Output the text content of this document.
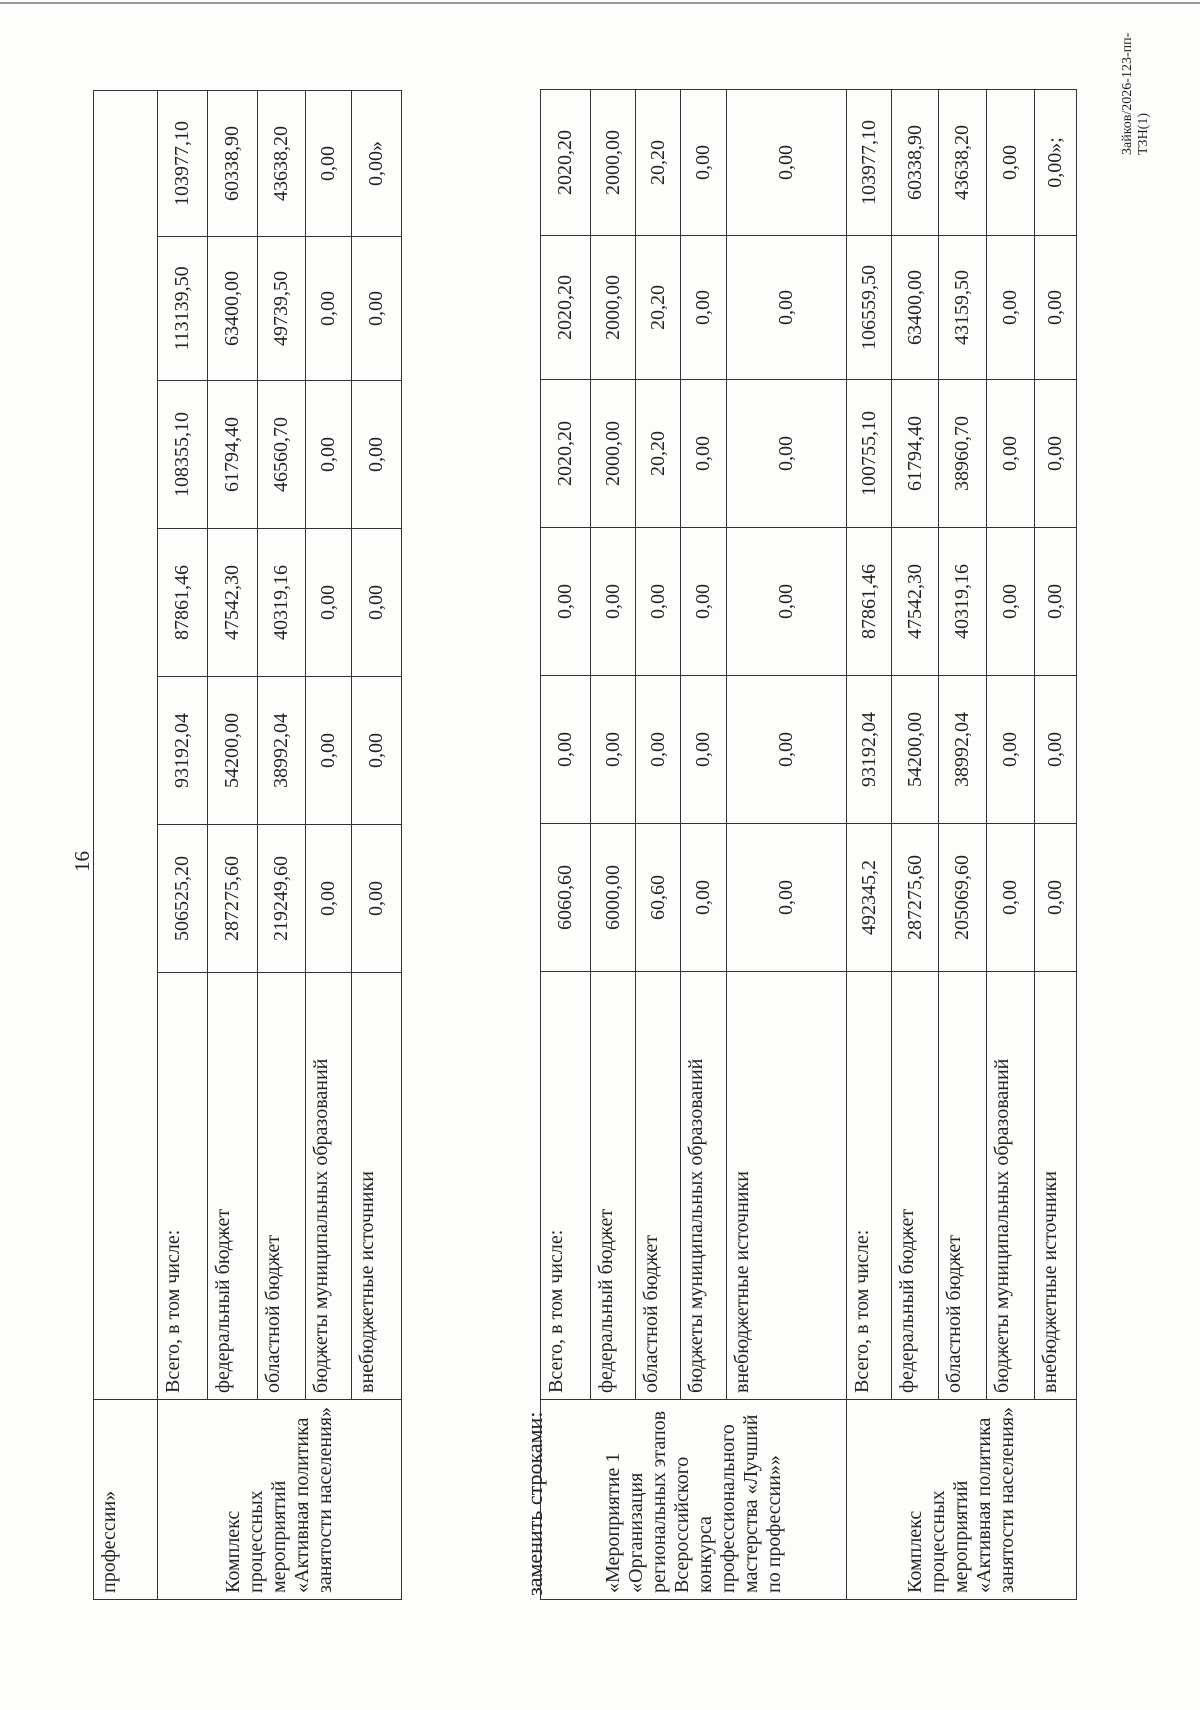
16
профессии»							
Комплекс процессных мероприятий «Активная политика занятости населения»	Всего, в том числе:	506525,20	93192,04	87861,46	108355,10	113139,50	103977,10
	федеральный бюджет	287275,60	54200,00	47542,30	61794,40	63400,00	60338,90
	областной бюджет	219249,60	38992,04	40319,16	46560,70	49739,50	43638,20
	бюджеты муниципальных образований	0,00	0,00	0,00	0,00	0,00	0,00
	внебюджетные источники	0,00	0,00	0,00	0,00	0,00	0,00»
заменить строками:	«Мероприятие 1 «Организация региональных этапов Всероссийского конкурса профессионального мастерства «Лучший по профессии»»	Всего, в том числе:	6060,60	0,00	0,00	2020,20	2020,20	2020,20
	федеральный бюджет	6000,00	0,00	0,00	2000,00	2000,00	2000,00
	областной бюджет	60,60	0,00	0,00	20,20	20,20	20,20
	бюджеты муниципальных образований	0,00	0,00	0,00	0,00	0,00	0,00
	внебюджетные источники	0,00	0,00	0,00	0,00	0,00	0,00
Комплекс процессных мероприятий «Активная политика занятости населения»	Всего, в том числе:	492345,2	93192,04	87861,46	100755,10	106559,50	103977,10
	федеральный бюджет	287275,60	54200,00	47542,30	61794,40	63400,00	60338,90
	областной бюджет	205069,60	38992,04	40319,16	38960,70	43159,50	43638,20
	бюджеты муниципальных образований	0,00	0,00	0,00	0,00	0,00	0,00
	внебюджетные источники	0,00	0,00	0,00	0,00	0,00	0,00»;
Зайков/2026-123-пп-ТЗН(1)
